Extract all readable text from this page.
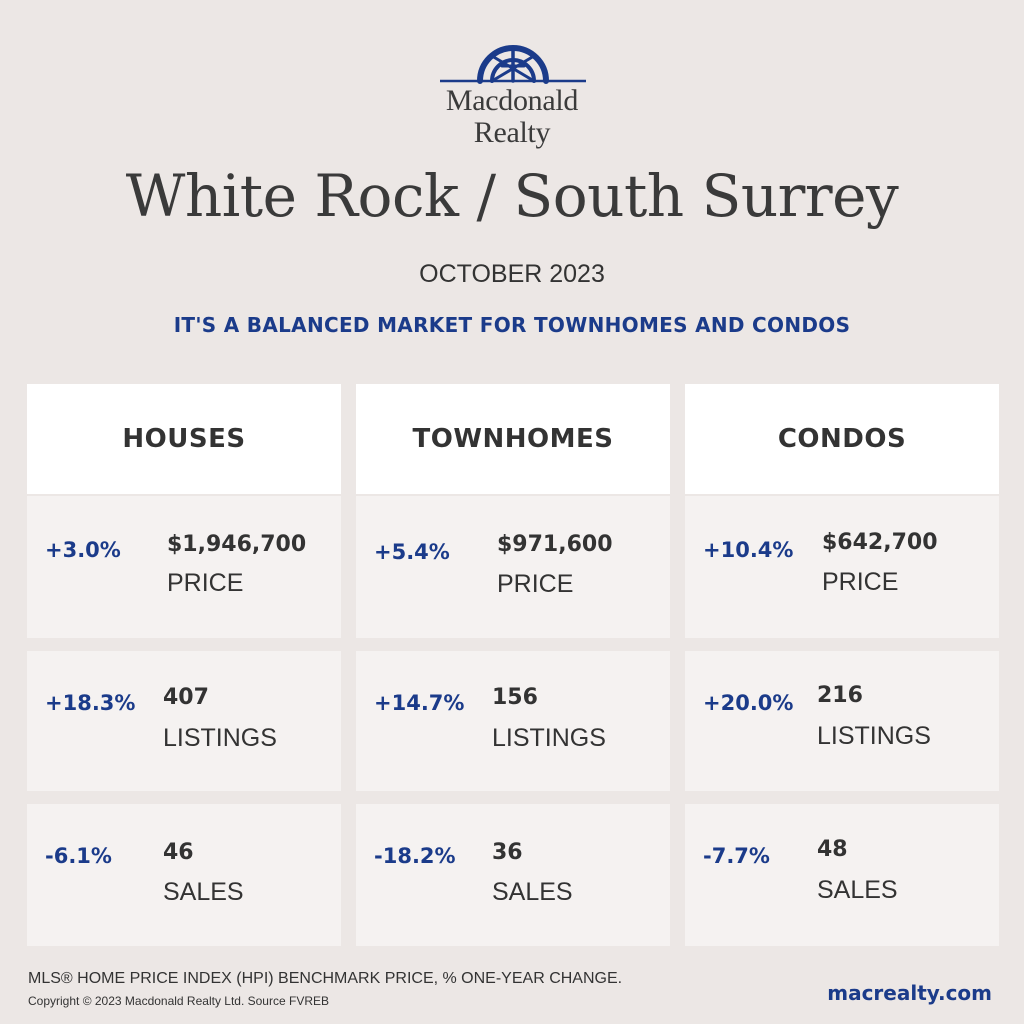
Macdonald
Realty
White Rock / South Surrey
OCTOBER 2023
IT'S A BALANCED MARKET FOR TOWNHOMES AND CONDOS
HOUSES
+3.0% $1,946,700
PRICE
+18.3% 407
LISTINGS
-6.1% 46
SALES
TOWNHOMES
+5.4% $971,600
PRICE
+14.7% 156
LISTINGS
-18.2% 36
SALES
CONDOS
+10.4% $642,700
PRICE
+20.0% 216
LISTINGS
-7.7% 48
SALES
MLS® HOME PRICE INDEX (HPI) BENCHMARK PRICE, % ONE-YEAR CHANGE.
Copyright © 2023 Macdonald Realty Ltd. Source FVREB	macrealty.com
